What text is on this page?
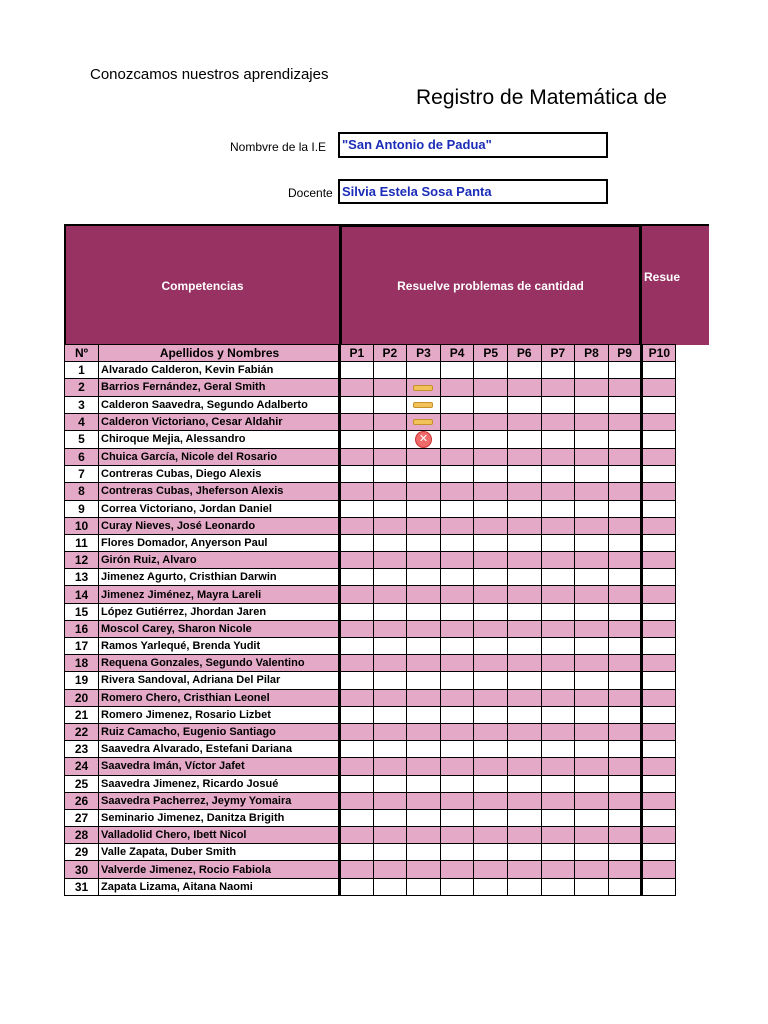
Conozcamos nuestros aprendizajes
Registro de Matemática de
Nombvre de la I.E	"San Antonio de Padua"
Docente Silvia Estela Sosa Panta
Competencias	Resuelve problemas de cantidad
Resue
Nº	Apellidos y Nombres	P1	P2	P3	P4	P5	P6	P7	P8	P9	P10
1	Alvarado Calderon, Kevin Fabián										
2	Barrios Fernández, Geral Smith										
3	Calderon Saavedra, Segundo Adalberto										
4	Calderon Victoriano, Cesar Aldahir										
5	Chiroque Mejia, Alessandro			✕							
6	Chuica García, Nicole del Rosario										
7	Contreras Cubas, Diego Alexis										
8	Contreras Cubas, Jheferson Alexis										
9	Correa Victoriano, Jordan Daniel										
10	Curay Nieves, José Leonardo										
11	Flores Domador, Anyerson Paul										
12	Girón Ruiz, Alvaro										
13	Jimenez Agurto, Cristhian Darwin										
14	Jimenez Jiménez, Mayra Lareli										
15	López Gutiérrez, Jhordan Jaren										
16	Moscol Carey, Sharon Nicole										
17	Ramos Yarlequé, Brenda Yudit										
18	Requena Gonzales, Segundo Valentino										
19	Rivera Sandoval, Adriana Del Pilar										
20	Romero Chero, Cristhian Leonel										
21	Romero Jimenez, Rosario Lizbet										
22	Ruiz Camacho, Eugenio Santiago										
23	Saavedra Alvarado, Estefani Dariana										
24	Saavedra Imán, Víctor Jafet										
25	Saavedra Jimenez, Ricardo Josué										
26	Saavedra Pacherrez, Jeymy Yomaira										
27	Seminario Jimenez, Danitza Brigith										
28	Valladolid Chero, Ibett Nicol										
29	Valle Zapata, Duber Smith										
30	Valverde Jimenez, Rocio Fabiola										
31	Zapata Lizama, Aitana Naomi										
